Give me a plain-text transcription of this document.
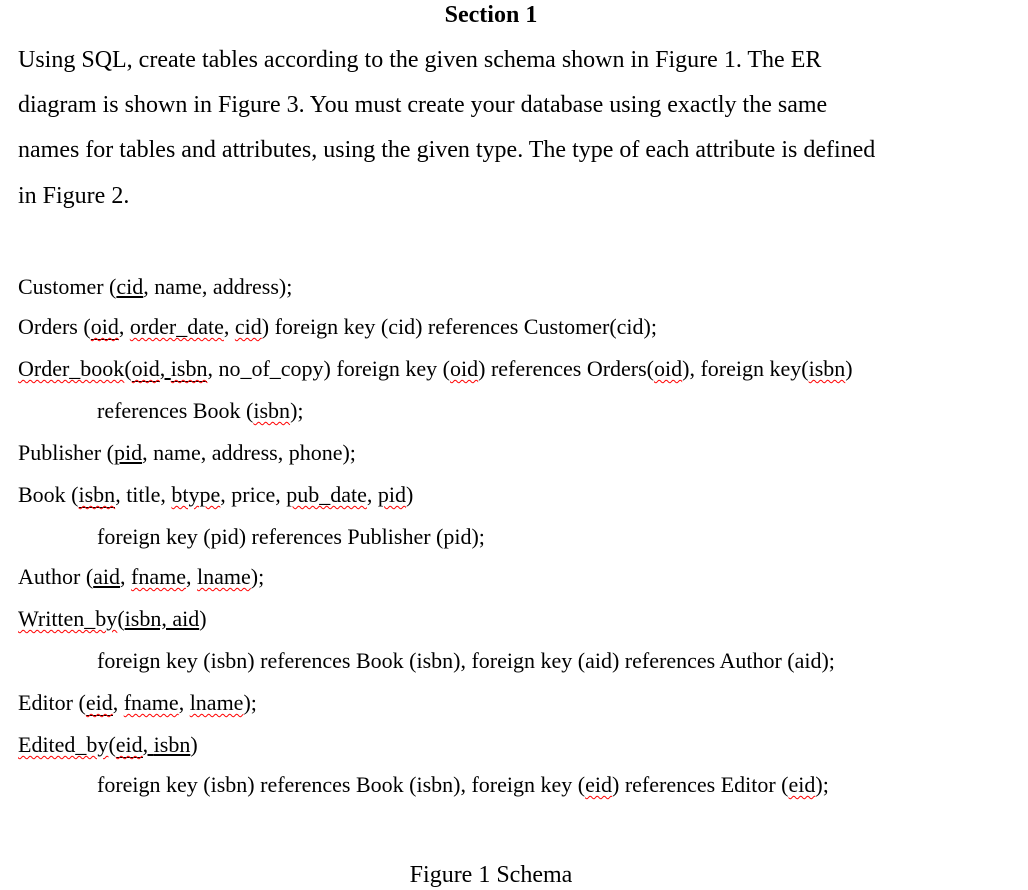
Section 1
Using SQL, create tables according to the given schema shown in Figure 1. The ER
diagram is shown in Figure 3. You must create your database using exactly the same
names for tables and attributes, using the given type. The type of each attribute is defined
in Figure 2.
Customer (cid, name, address);
Orders (oid, order_date, cid) foreign key (cid) references Customer(cid);
Order_book(oid, isbn, no_of_copy) foreign key (oid) references Orders(oid), foreign key(isbn)
references Book (isbn);
Publisher (pid, name, address, phone);
Book (isbn, title, btype, price, pub_date, pid)
foreign key (pid) references Publisher (pid);
Author (aid, fname, lname);
Written_by(isbn, aid)
foreign key (isbn) references Book (isbn), foreign key (aid) references Author (aid);
Editor (eid, fname, lname);
Edited_by(eid, isbn)
foreign key (isbn) references Book (isbn), foreign key (eid) references Editor (eid);
Figure 1 Schema
